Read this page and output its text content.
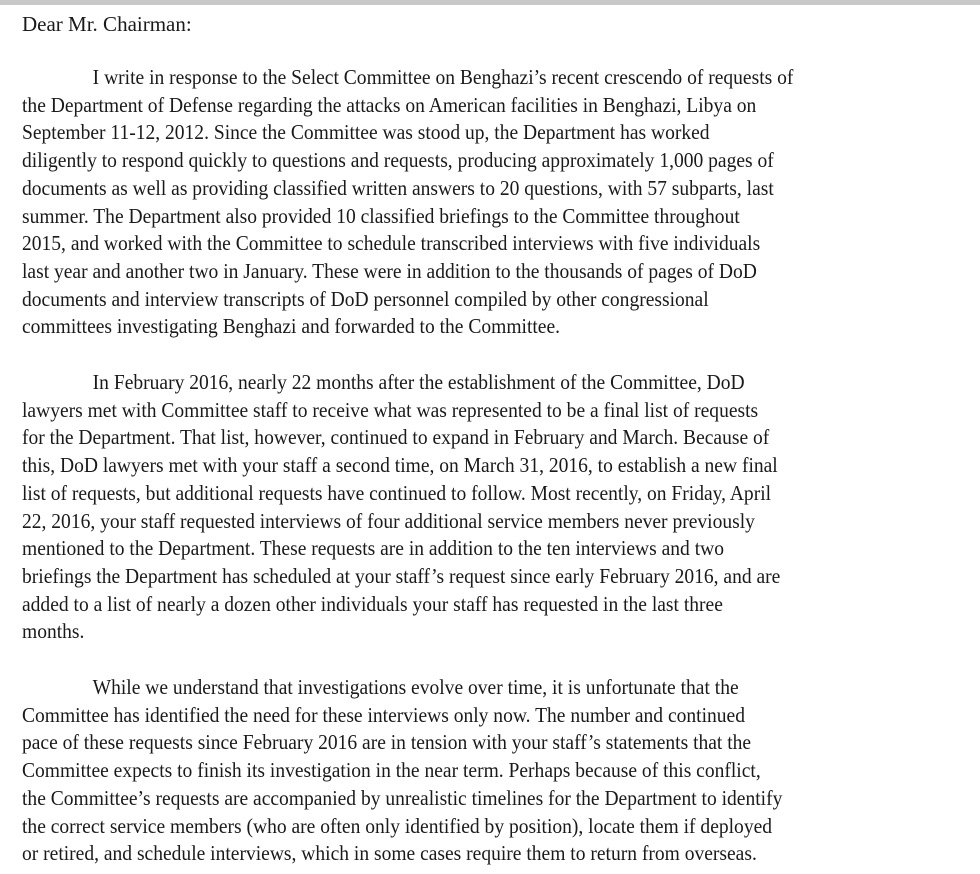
Dear Mr. Chairman:
I write in response to the Select Committee on Benghazi’s recent crescendo of requests of
the Department of Defense regarding the attacks on American facilities in Benghazi, Libya on
September 11-12, 2012. Since the Committee was stood up, the Department has worked
diligently to respond quickly to questions and requests, producing approximately 1,000 pages of
documents as well as providing classified written answers to 20 questions, with 57 subparts, last
summer. The Department also provided 10 classified briefings to the Committee throughout
2015, and worked with the Committee to schedule transcribed interviews with five individuals
last year and another two in January. These were in addition to the thousands of pages of DoD
documents and interview transcripts of DoD personnel compiled by other congressional
committees investigating Benghazi and forwarded to the Committee.
In February 2016, nearly 22 months after the establishment of the Committee, DoD
lawyers met with Committee staff to receive what was represented to be a final list of requests
for the Department. That list, however, continued to expand in February and March. Because of
this, DoD lawyers met with your staff a second time, on March 31, 2016, to establish a new final
list of requests, but additional requests have continued to follow. Most recently, on Friday, April
22, 2016, your staff requested interviews of four additional service members never previously
mentioned to the Department. These requests are in addition to the ten interviews and two
briefings the Department has scheduled at your staff’s request since early February 2016, and are
added to a list of nearly a dozen other individuals your staff has requested in the last three
months.
While we understand that investigations evolve over time, it is unfortunate that the
Committee has identified the need for these interviews only now. The number and continued
pace of these requests since February 2016 are in tension with your staff’s statements that the
Committee expects to finish its investigation in the near term. Perhaps because of this conflict,
the Committee’s requests are accompanied by unrealistic timelines for the Department to identify
the correct service members (who are often only identified by position), locate them if deployed
or retired, and schedule interviews, which in some cases require them to return from overseas.
